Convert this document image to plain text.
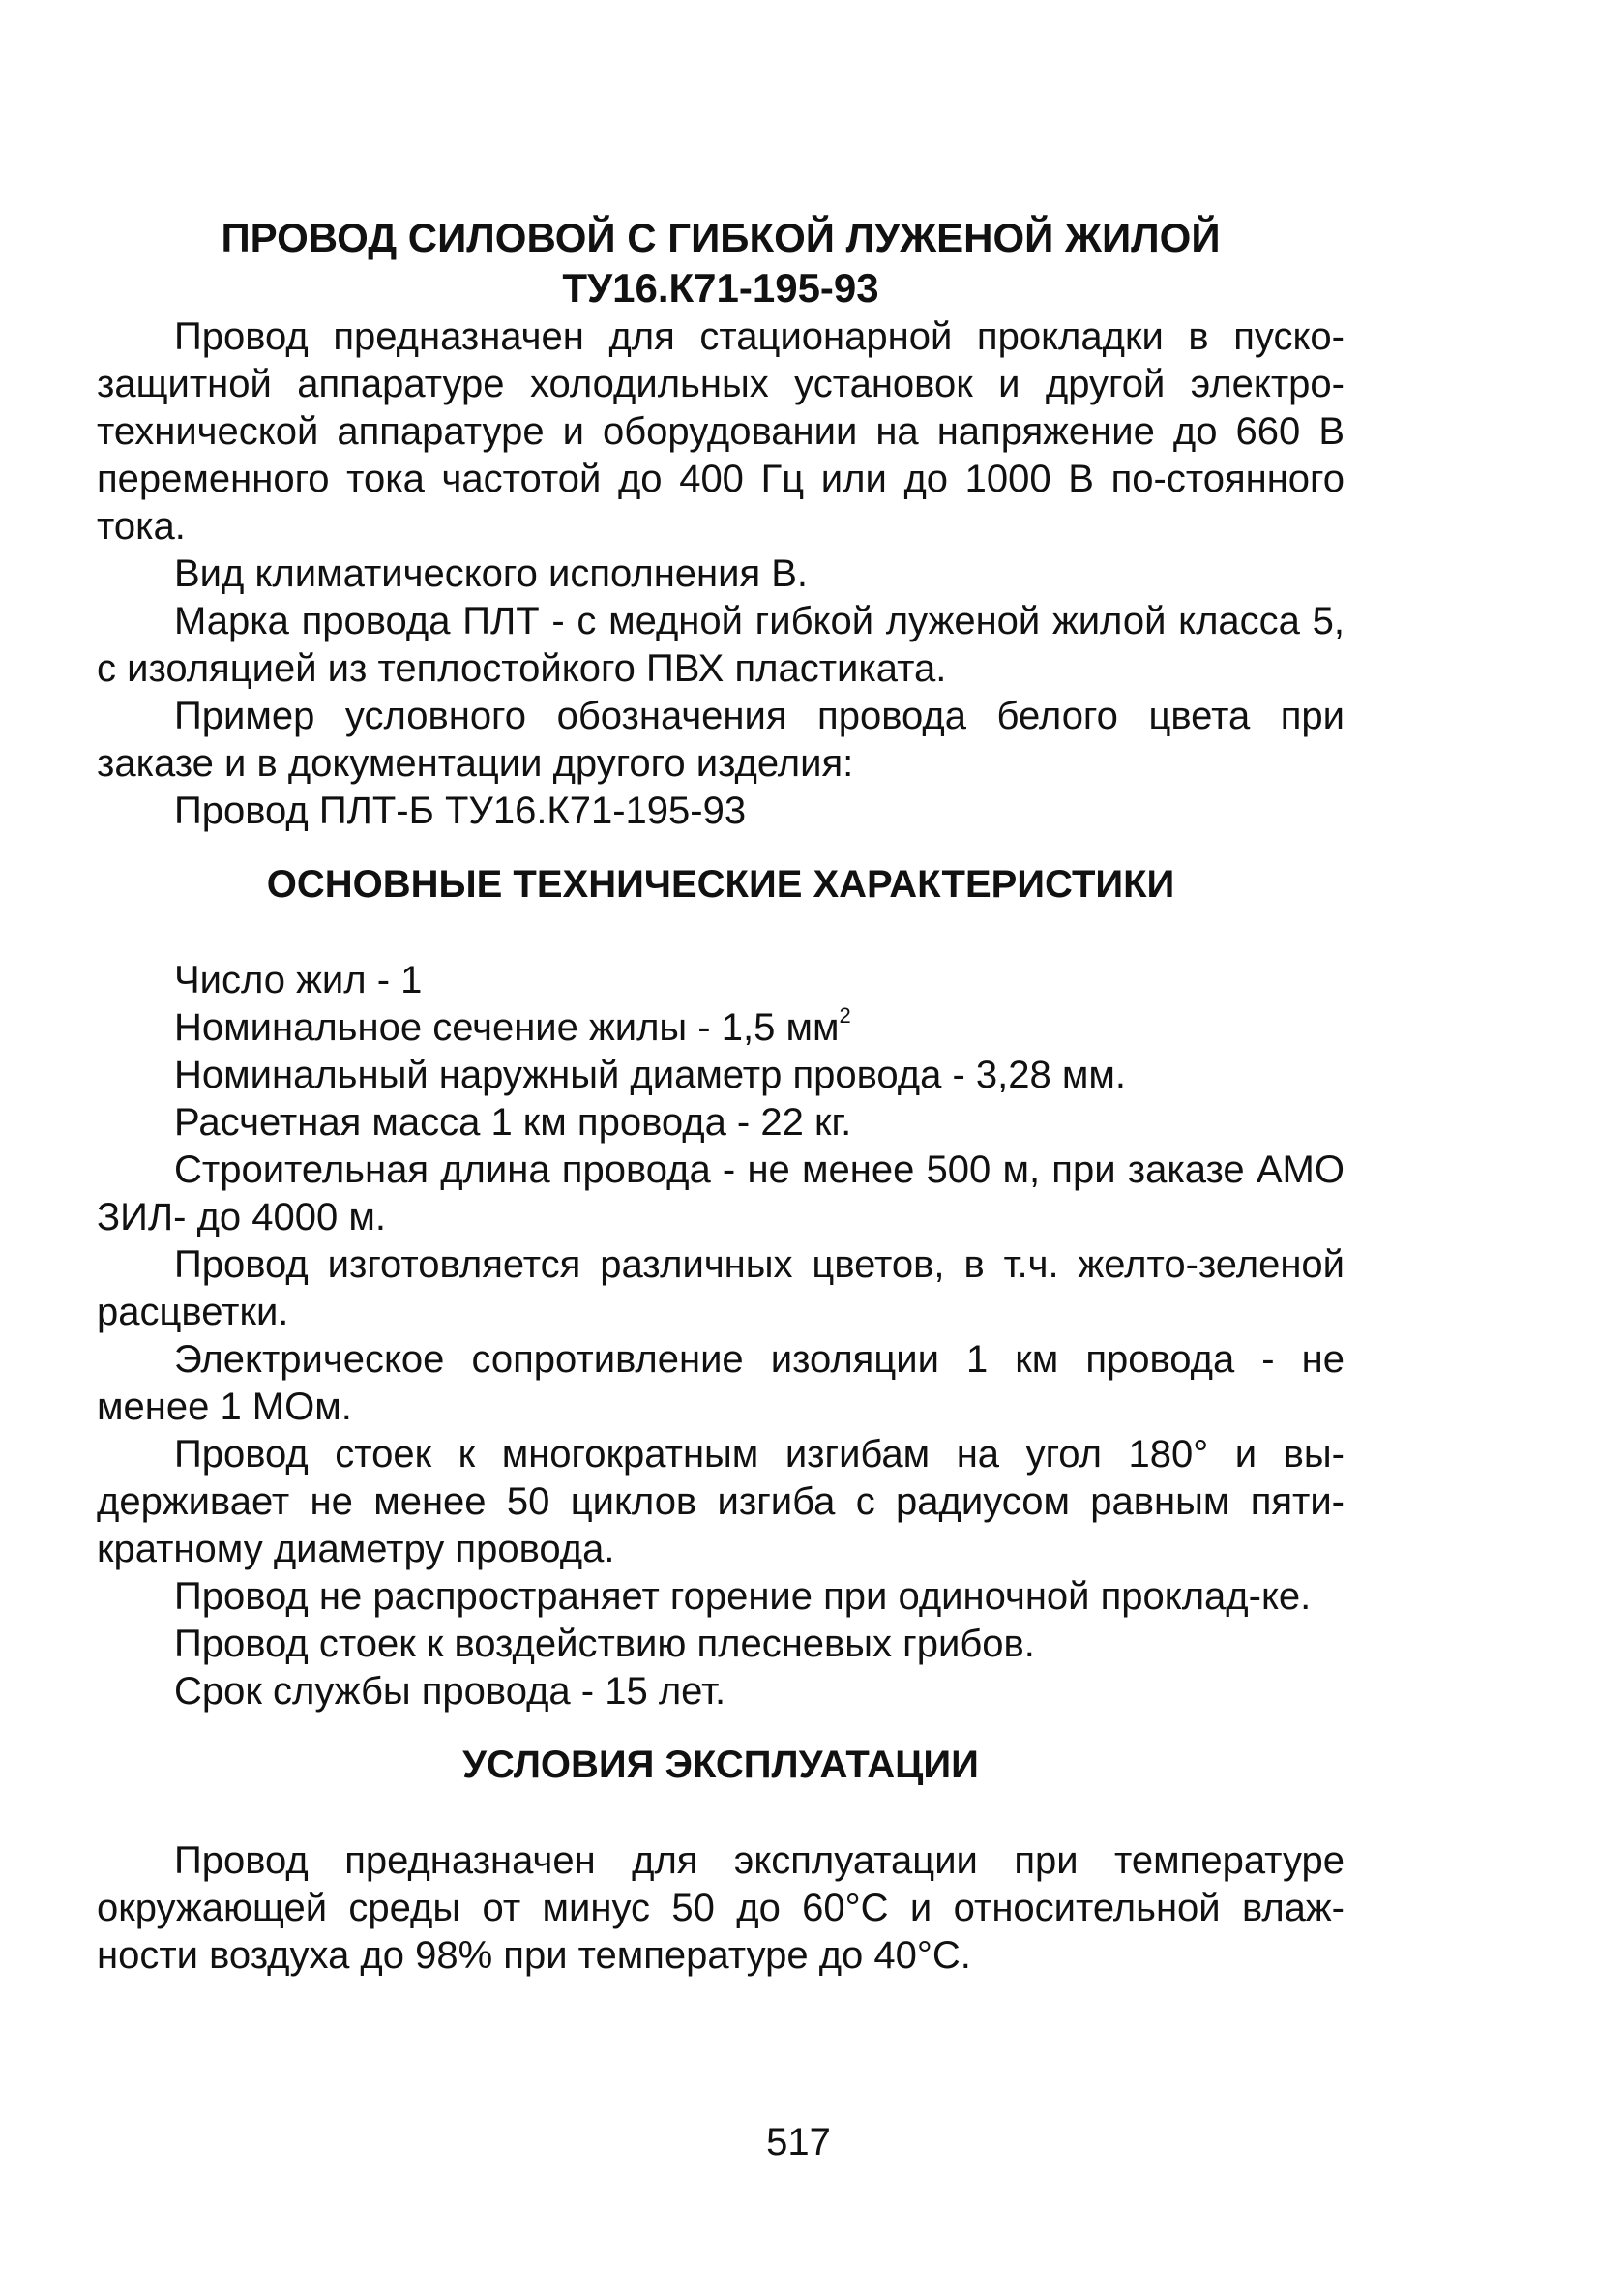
ПРОВОД СИЛОВОЙ С ГИБКОЙ ЛУЖЕНОЙ ЖИЛОЙ
ТУ16.К71-195-93

Провод предназначен для стационарной прокладки в пуско-защитной аппаратуре холодильных установок и другой электро-технической аппаратуре и оборудовании на напряжение до 660 В переменного тока частотой до 400 Гц или до 1000 В по-стоянного тока.

Вид климатического исполнения В.

Марка провода ПЛТ - с медной гибкой луженой жилой класса 5, с изоляцией из теплостойкого ПВХ пластиката.

Пример условного обозначения провода белого цвета при заказе и в документации другого изделия:

Провод ПЛТ-Б ТУ16.К71-195-93

ОСНОВНЫЕ ТЕХНИЧЕСКИЕ ХАРАКТЕРИСТИКИ

Число жил - 1

Номинальное сечение жилы - 1,5 $мм^2$

Номинальный наружный диаметр провода - 3,28 мм.

Расчетная масса 1 км провода - 22 кг.

Строительная длина провода - не менее 500 м, при заказе АМО ЗИЛ- до 4000 м.

Провод изготовляется различных цветов, в т.ч. желто-зеленой расцветки.

Электрическое сопротивление изоляции 1 км провода - не менее 1 МОм.

Провод стоек к многократным изгибам на угол 180° и вы-держивает не менее 50 циклов изгиба с радиусом равным пяти-кратному диаметру провода.

Провод не распространяет горение при одиночной проклад-ке.

Провод стоек к воздействию плесневых грибов.

Срок службы провода - 15 лет.

УСЛОВИЯ ЭКСПЛУАТАЦИИ

Провод предназначен для эксплуатации при температуре окружающей среды от минус 50 до 60°С и относительной влаж-ности воздуха до 98% при температуре до 40°С.

517
